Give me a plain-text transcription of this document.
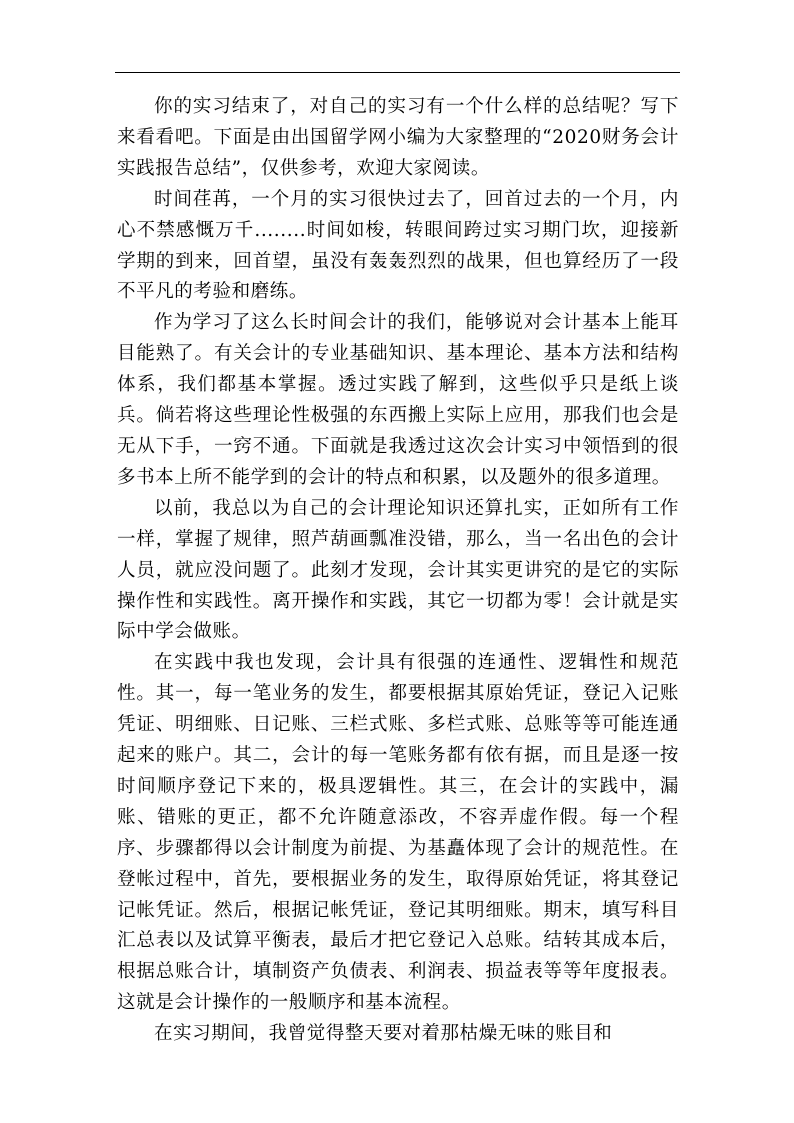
你的实习结束了，对自己的实习有一个什么样的总结呢？写下来看看吧。下面是由出国留学网小编为大家整理的“2020财务会计实践报告总结”，仅供参考，欢迎大家阅读。

时间荏苒，一个月的实习很快过去了，回首过去的一个月，内心不禁感慨万千........时间如梭，转眼间跨过实习期门坎，迎接新学期的到来，回首望，虽没有轰轰烈烈的战果，但也算经历了一段不平凡的考验和磨练。

作为学习了这么长时间会计的我们，能够说对会计基本上能耳目能熟了。有关会计的专业基础知识、基本理论、基本方法和结构体系，我们都基本掌握。透过实践了解到，这些似乎只是纸上谈兵。倘若将这些理论性极强的东西搬上实际上应用，那我们也会是无从下手，一窍不通。下面就是我透过这次会计实习中领悟到的很多书本上所不能学到的会计的特点和积累，以及题外的很多道理。

以前，我总以为自己的会计理论知识还算扎实，正如所有工作一样，掌握了规律，照芦葫画瓢准没错，那么，当一名出色的会计人员，就应没问题了。此刻才发现，会计其实更讲究的是它的实际操作性和实践性。离开操作和实践，其它一切都为零！会计就是实际中学会做账。

在实践中我也发现，会计具有很强的连通性、逻辑性和规范性。其一，每一笔业务的发生，都要根据其原始凭证，登记入记账凭证、明细账、日记账、三栏式账、多栏式账、总账等等可能连通起来的账户。其二，会计的每一笔账务都有依有据，而且是逐一按时间顺序登记下来的，极具逻辑性。其三，在会计的实践中，漏账、错账的更正，都不允许随意添改，不容弄虚作假。每一个程序、步骤都得以会计制度为前提、为基矗体现了会计的规范性。在登帐过程中，首先，要根据业务的发生，取得原始凭证，将其登记记帐凭证。然后，根据记帐凭证，登记其明细账。期末，填写科目汇总表以及试算平衡表，最后才把它登记入总账。结转其成本后，根据总账合计，填制资产负债表、利润表、损益表等等年度报表。这就是会计操作的一般顺序和基本流程。

在实习期间，我曾觉得整天要对着那枯燥无味的账目和
